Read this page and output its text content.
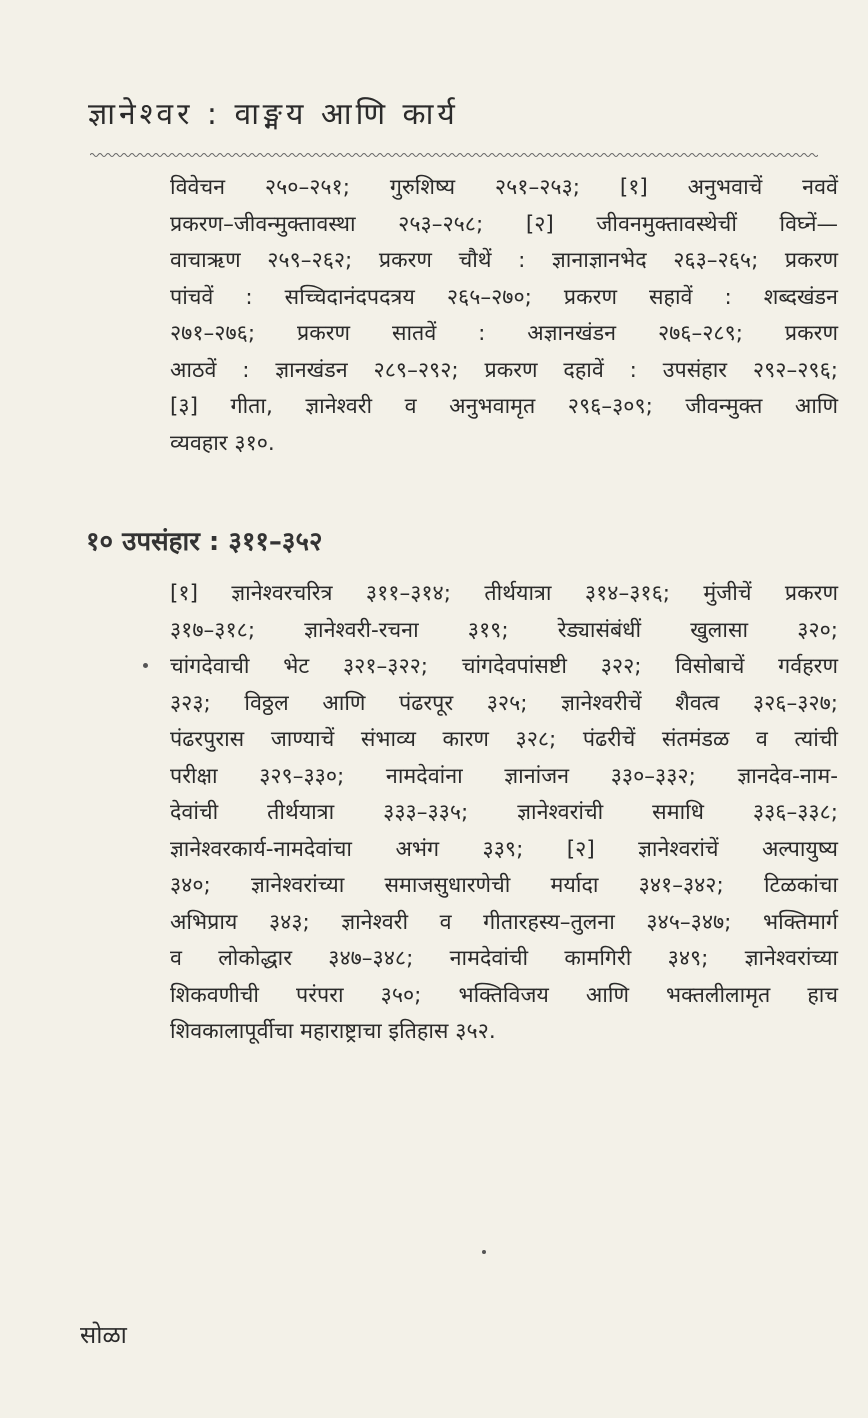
ज्ञानेश्वर : वाङ्मय आणि कार्य
विवेचन २५०–२५१; गुरुशिष्य २५१–२५३; [१] अनुभवाचें नववें
प्रकरण–जीवन्मुक्तावस्था २५३–२५८; [२] जीवनमुक्तावस्थेचीं विघ्नें—
वाचाऋण २५९–२६२; प्रकरण चौथें : ज्ञानाज्ञानभेद २६३–२६५; प्रकरण
पांचवें : सच्चिदानंदपदत्रय २६५–२७०; प्रकरण सहावें : शब्दखंडन
२७१–२७६; प्रकरण सातवें : अज्ञानखंडन २७६–२८९; प्रकरण
आठवें : ज्ञानखंडन २८९–२९२; प्रकरण दहावें : उपसंहार २९२–२९६;
[३] गीता, ज्ञानेश्वरी व अनुभवामृत २९६–३०९; जीवन्मुक्त आणि
व्यवहार ३१०.
१० उपसंहार : ३११–३५२
[१] ज्ञानेश्वरचरित्र ३११–३१४; तीर्थयात्रा ३१४–३१६; मुंजीचें प्रकरण
३१७–३१८; ज्ञानेश्वरी-रचना ३१९; रेड्यासंबंधीं खुलासा ३२०;
चांगदेवाची भेट ३२१–३२२; चांगदेवपांसष्टी ३२२; विसोबाचें गर्वहरण
३२३; विठ्ठल आणि पंढरपूर ३२५; ज्ञानेश्वरीचें शैवत्व ३२६–३२७;
पंढरपुरास जाण्याचें संभाव्य कारण ३२८; पंढरीचें संतमंडळ व त्यांची
परीक्षा ३२९–३३०; नामदेवांना ज्ञानांजन ३३०–३३२; ज्ञानदेव-नाम-
देवांची तीर्थयात्रा ३३३–३३५; ज्ञानेश्वरांची समाधि ३३६–३३८;
ज्ञानेश्वरकार्य-नामदेवांचा अभंग ३३९; [२] ज्ञानेश्वरांचें अल्पायुष्य
३४०; ज्ञानेश्वरांच्या समाजसुधारणेची मर्यादा ३४१–३४२; टिळकांचा
अभिप्राय ३४३; ज्ञानेश्वरी व गीतारहस्य–तुलना ३४५–३४७; भक्तिमार्ग
व लोकोद्धार ३४७–३४८; नामदेवांची कामगिरी ३४९; ज्ञानेश्वरांच्या
शिकवणीची परंपरा ३५०; भक्तिविजय आणि भक्तलीलामृत हाच
शिवकालापूर्वीचा महाराष्ट्राचा इतिहास ३५२.
सोळा
